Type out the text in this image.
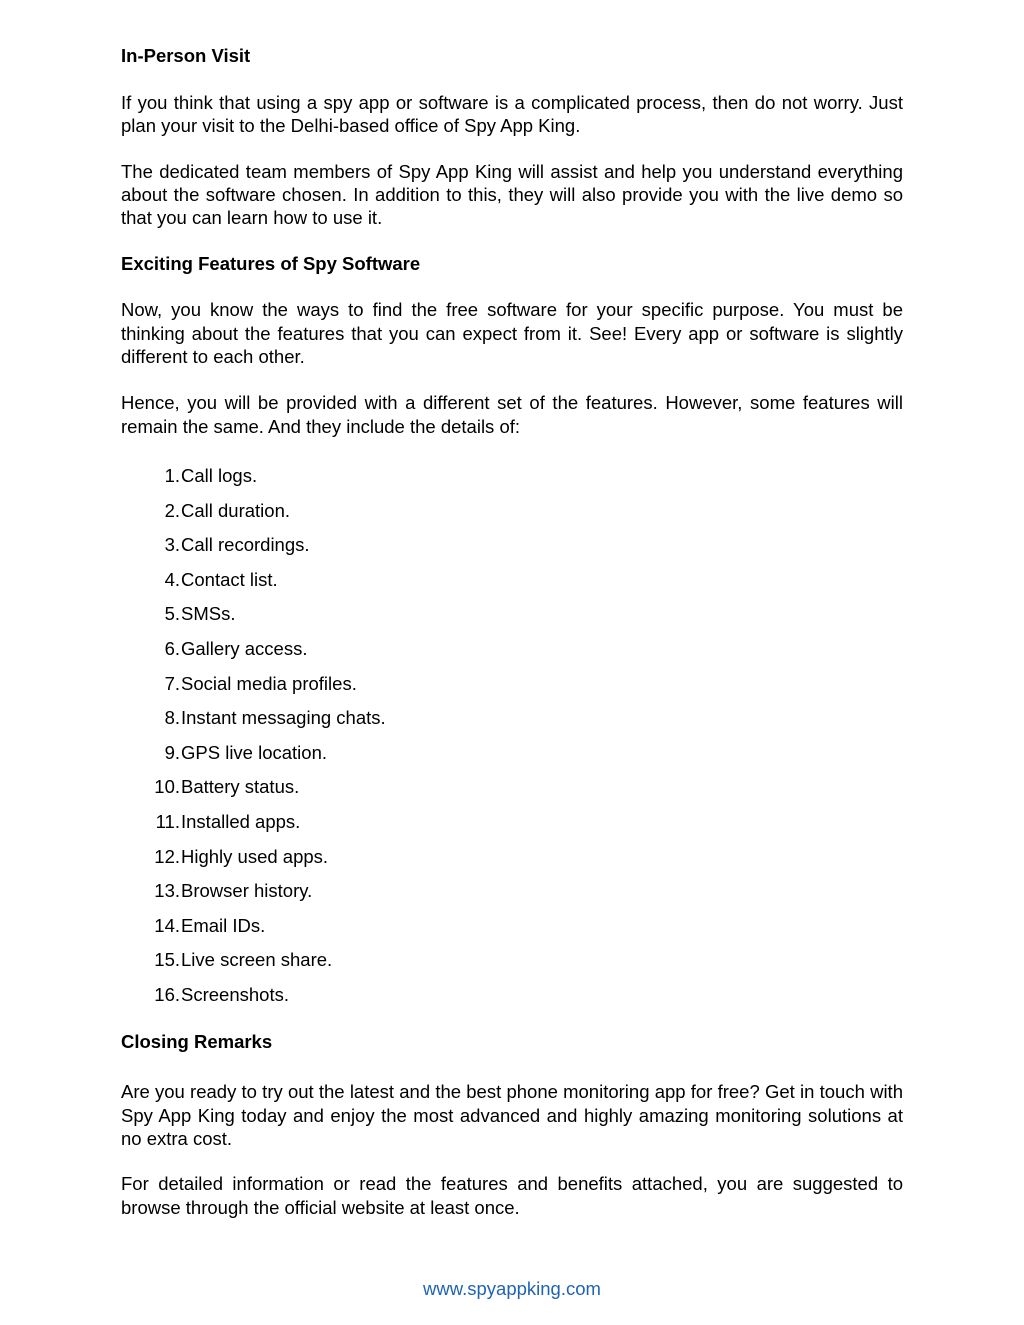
In-Person Visit

If you think that using a spy app or software is a complicated process, then do not worry. Just plan your visit to the Delhi-based office of Spy App King.

The dedicated team members of Spy App King will assist and help you understand everything about the software chosen. In addition to this, they will also provide you with the live demo so that you can learn how to use it.

Exciting Features of Spy Software

Now, you know the ways to find the free software for your specific purpose. You must be thinking about the features that you can expect from it. See! Every app or software is slightly different to each other.

Hence, you will be provided with a different set of the features. However, some features will remain the same. And they include the details of:

1. Call logs.
2. Call duration.
3. Call recordings.
4. Contact list.
5. SMSs.
6. Gallery access.
7. Social media profiles.
8. Instant messaging chats.
9. GPS live location.
10. Battery status.
11. Installed apps.
12. Highly used apps.
13. Browser history.
14. Email IDs.
15. Live screen share.
16. Screenshots.
Closing Remarks

Are you ready to try out the latest and the best phone monitoring app for free? Get in touch with Spy App King today and enjoy the most advanced and highly amazing monitoring solutions at no extra cost.

For detailed information or read the features and benefits attached, you are suggested to browse through the official website at least once.

www.spyappking.com
